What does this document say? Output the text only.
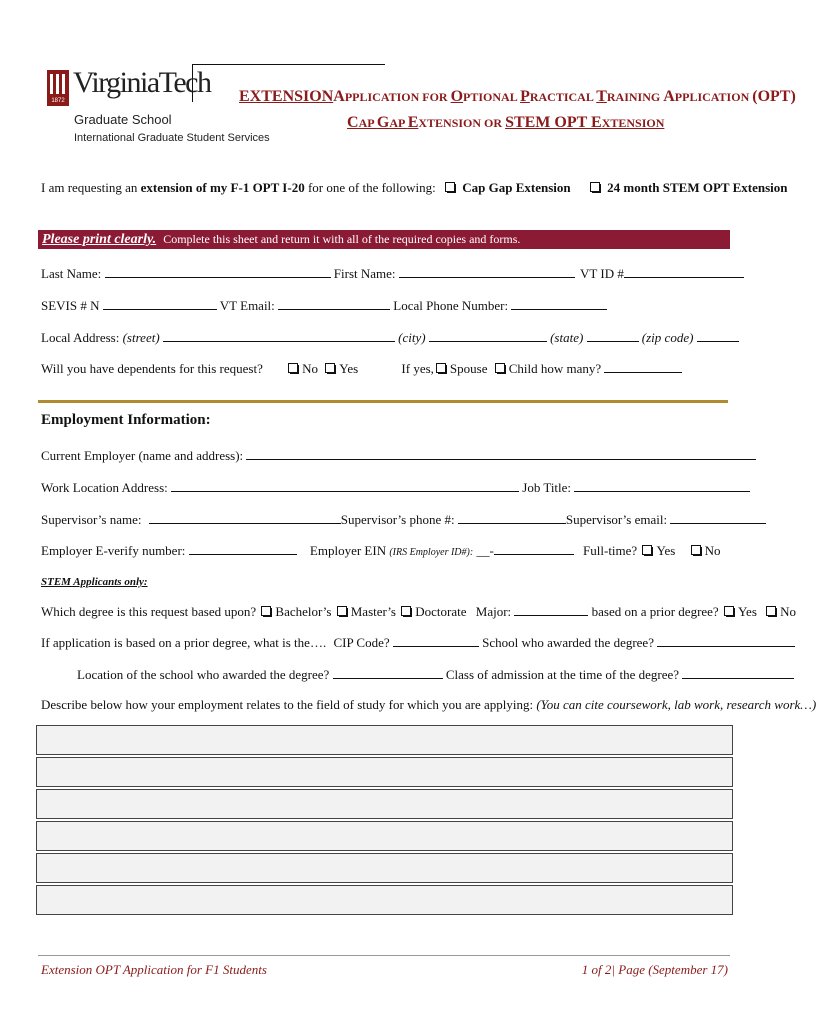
1872
VirginiaTech
Graduate School
International Graduate Student Services
EXTENSIONAPPLICATION FOR OPTIONAL PRACTICAL TRAINING APPLICATION (OPT)
CAP GAP EXTENSION OR STEM OPT EXTENSION
I am requesting an extension of my F-1 OPT I-20 for one of the following: Cap Gap Extension	24 month STEM OPT Extension
Please print clearly. Complete this sheet and return it with all of the required copies and forms.
Last Name:	First Name:	VT ID #
SEVIS # N	VT Email:	Local Phone Number:
Local Address: (street)	(city)	(state)	(zip code)
Will you have dependents for this request?	No Yes	If yes, Spouse Child how many?
Employment Information:
Current Employer (name and address):
Work Location Address:	Job Title:
Supervisor’s name:	Supervisor’s phone #:	Supervisor’s email:
Employer E-verify number:	Employer EIN (IRS Employer ID#): __-	Full-time? Yes No
STEM Applicants only:
Which degree is this request based upon? Bachelor’s Master’s Doctorate Major:	based on a prior degree? Yes No
If application is based on a prior degree, what is the…. CIP Code?	School who awarded the degree?
Location of the school who awarded the degree?	Class of admission at the time of the degree?
Describe below how your employment relates to the field of study for which you are applying: (You can cite coursework, lab work, research work…)
Extension OPT Application for F1 Students	1 of 2| Page (September 17)
